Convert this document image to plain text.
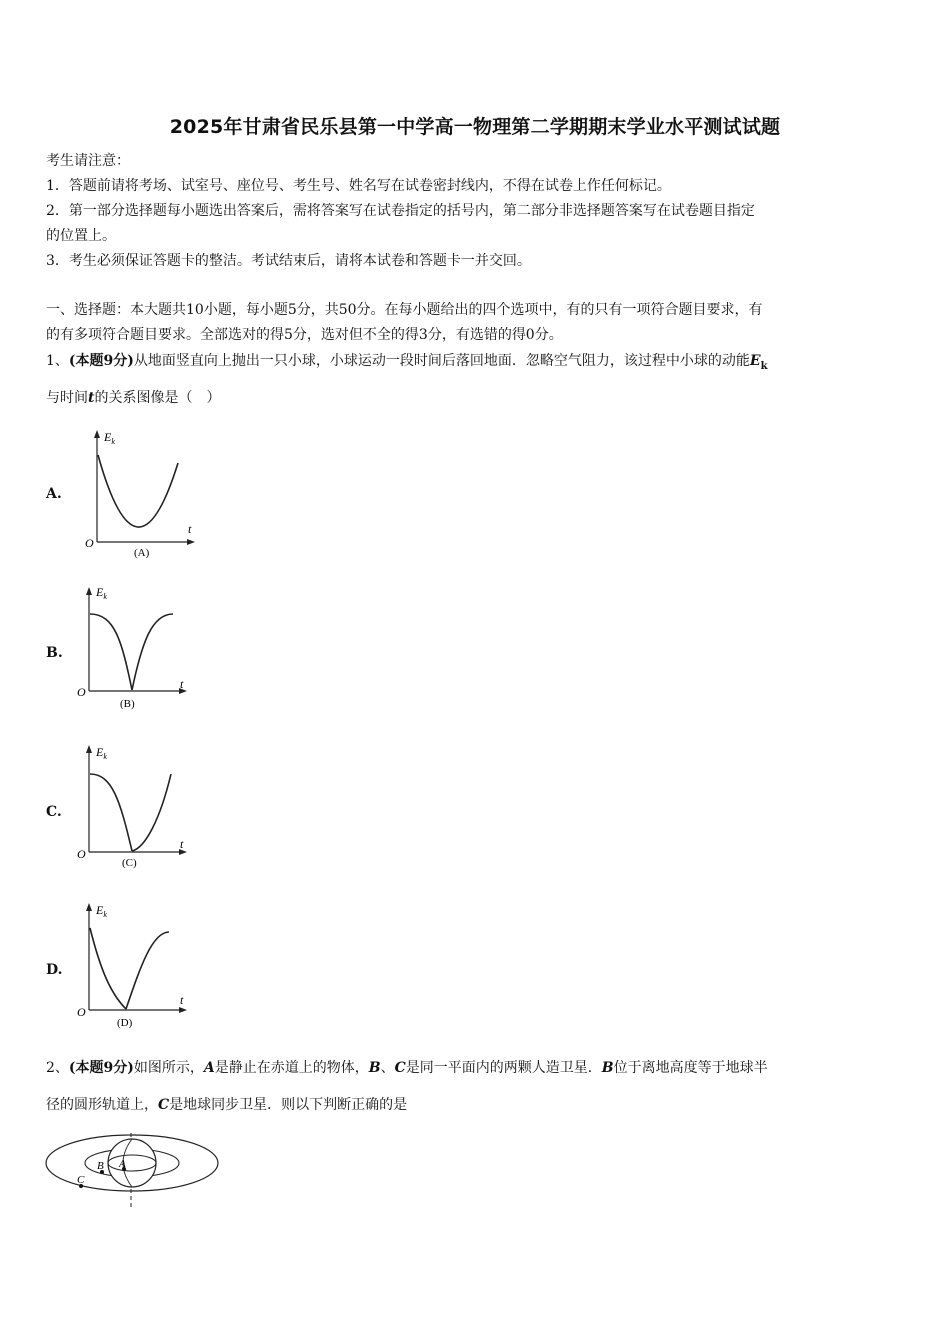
2025年甘肃省民乐县第一中学高一物理第二学期期末学业水平测试试题
考生请注意：
1．答题前请将考场、试室号、座位号、考生号、姓名写在试卷密封线内，不得在试卷上作任何标记。
2．第一部分选择题每小题选出答案后，需将答案写在试卷指定的括号内，第二部分非选择题答案写在试卷题目指定
的位置上。
3．考生必须保证答题卡的整洁。考试结束后，请将本试卷和答题卡一并交回。
一、选择题：本大题共10小题，每小题5分，共50分。在每小题给出的四个选项中，有的只有一项符合题目要求，有
的有多项符合题目要求。全部选对的得5分，选对但不全的得3分，有选错的得0分。
1、(本题9分)从地面竖直向上抛出一只小球，小球运动一段时间后落回地面．忽略空气阻力，该过程中小球的动能$E_k$
与时间t的关系图像是（　）
A.
$E_k$
t
O
(A)
B.
$E_k$
t
O
(B)
C.
$E_k$
t
O
(C)
D.
$E_k$
t
O
(D)
2、(本题9分)如图所示，A是静止在赤道上的物体，B、C是同一平面内的两颗人造卫星．B位于离地高度等于地球半
径的圆形轨道上，C是地球同步卫星．则以下判断正确的是
A
B
C
